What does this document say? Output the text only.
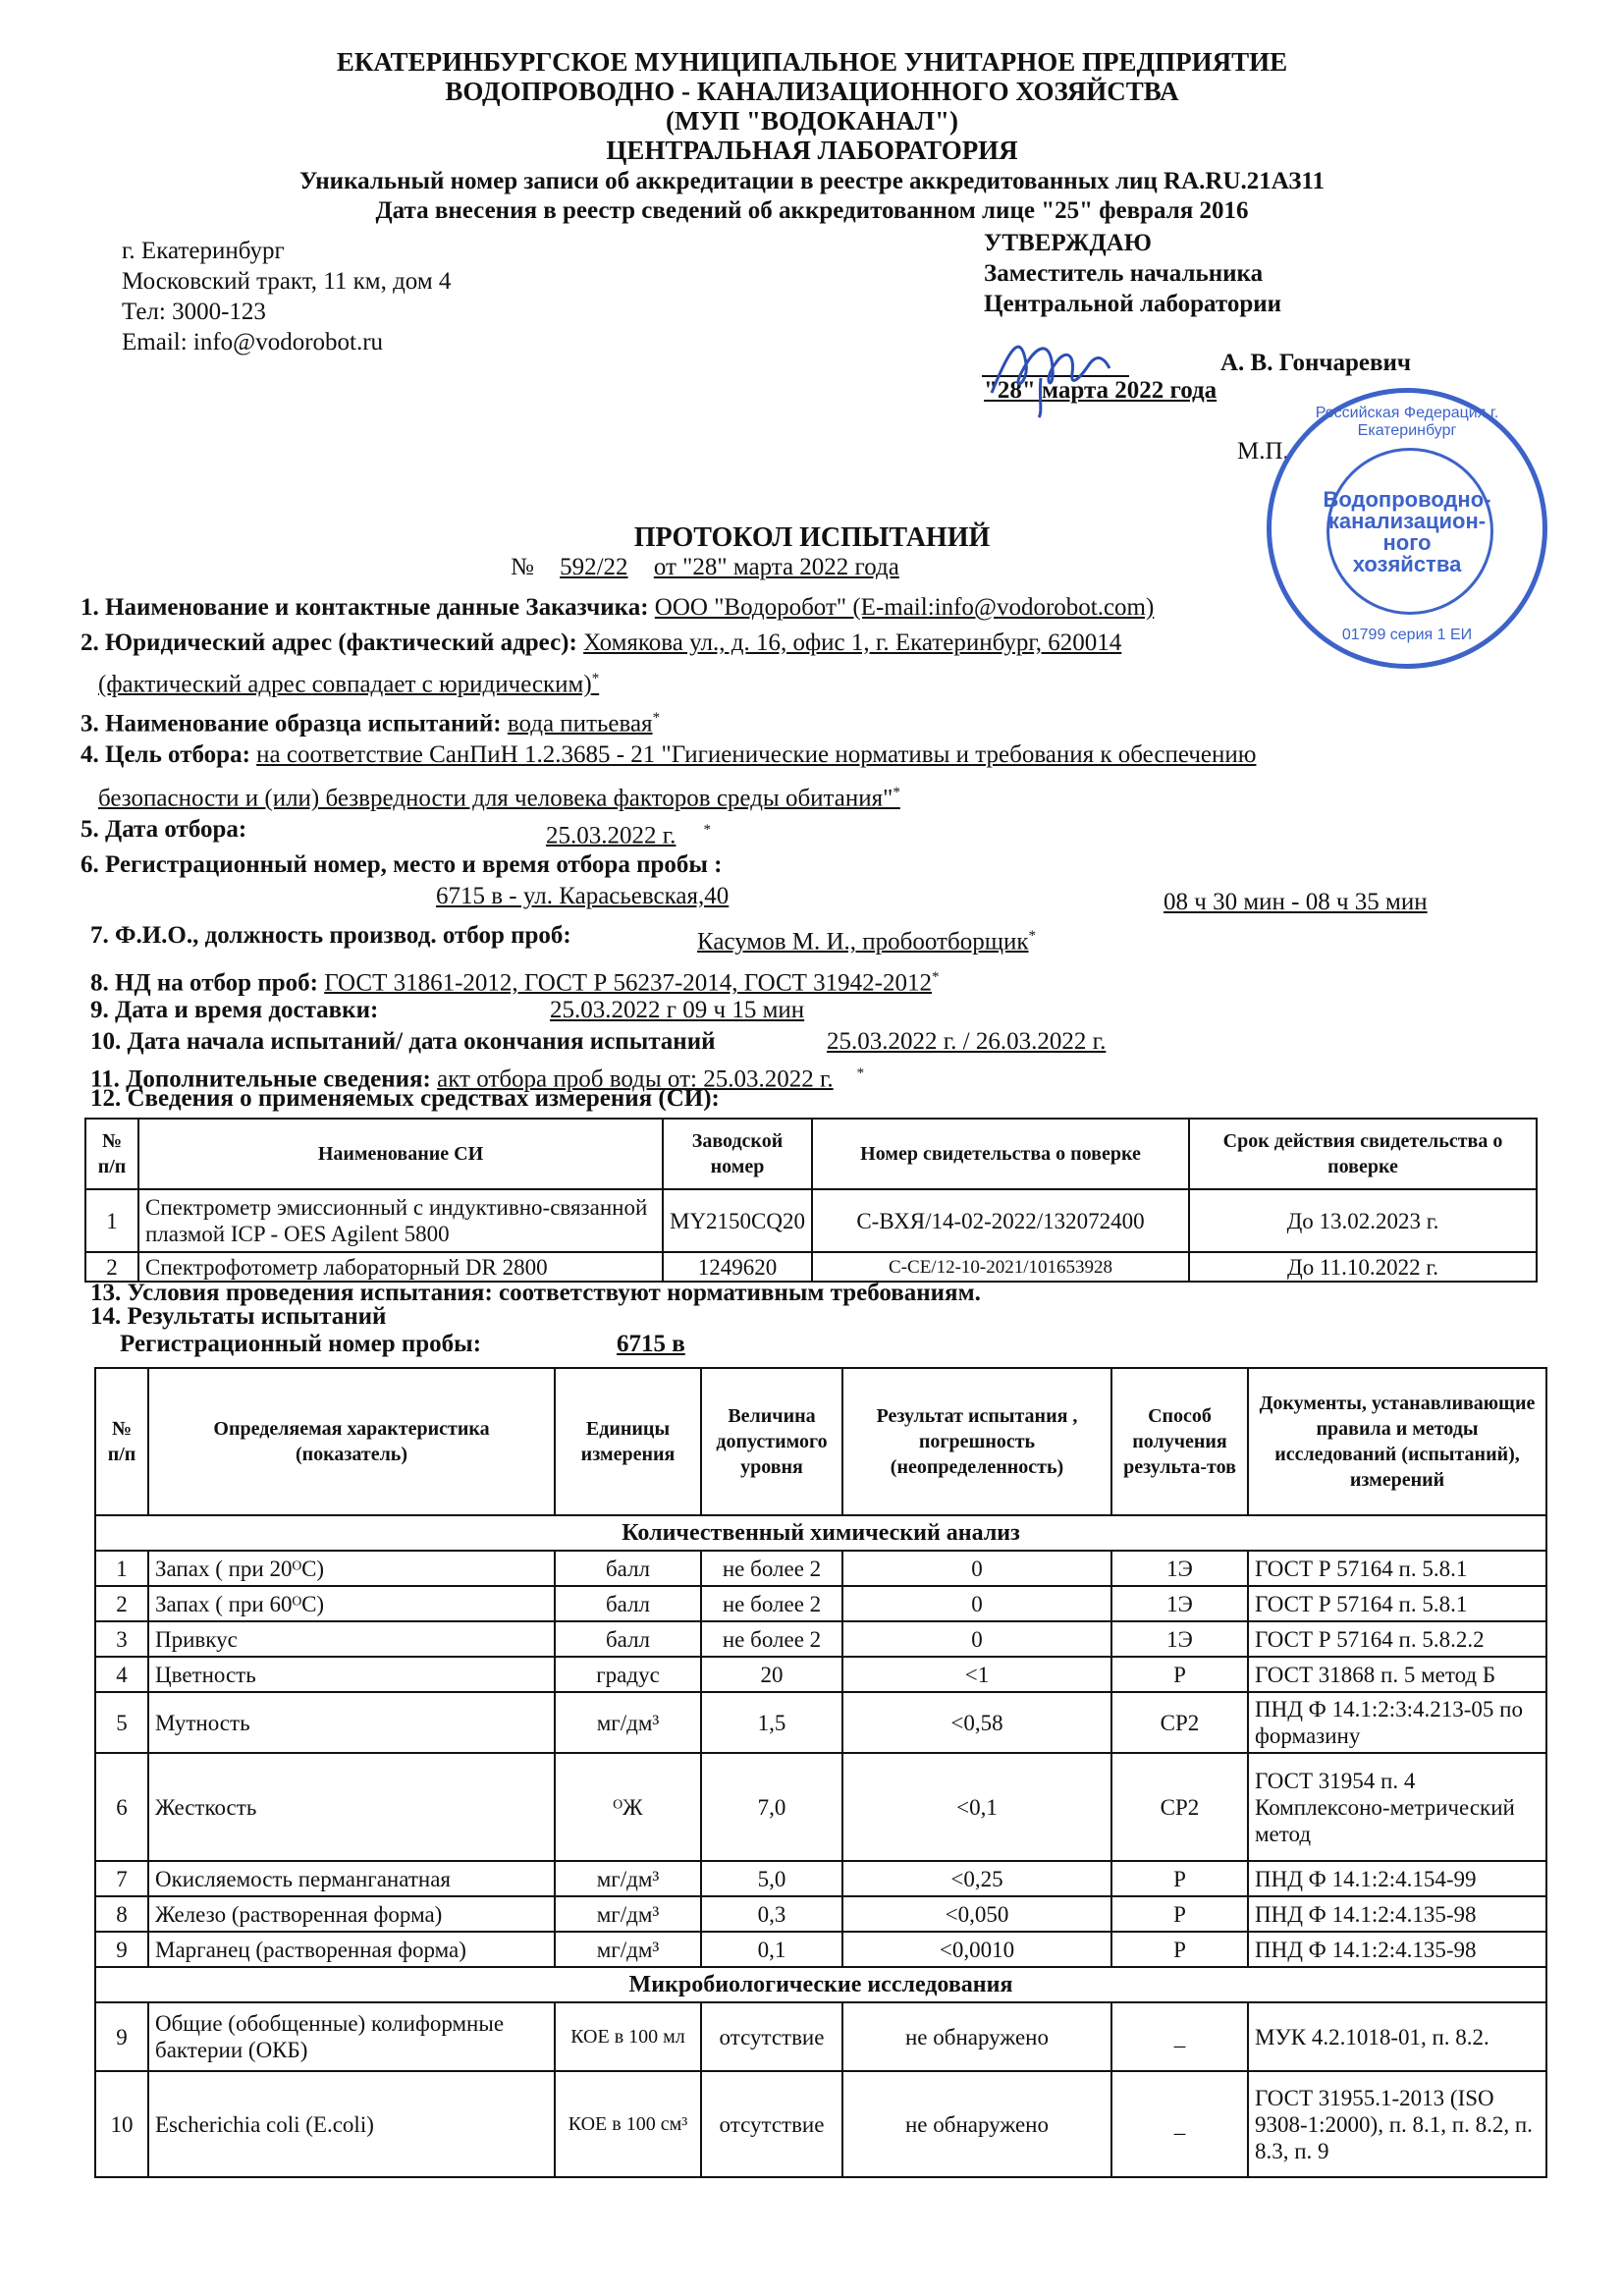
ЕКАТЕРИНБУРГСКОЕ МУНИЦИПАЛЬНОЕ УНИТАРНОЕ ПРЕДПРИЯТИЕ
ВОДОПРОВОДНО - КАНАЛИЗАЦИОННОГО ХОЗЯЙСТВА
(МУП "ВОДОКАНАЛ")
ЦЕНТРАЛЬНАЯ ЛАБОРАТОРИЯ
Уникальный номер записи об аккредитации в реестре аккредитованных лиц RA.RU.21АЗ11
Дата внесения в реестр сведений об аккредитованном лице "25" февраля 2016
г. Екатеринбург
Московский тракт, 11 км, дом 4
Тел: 3000-123
Email: info@vodorobot.ru
УТВЕРЖДАЮ
Заместитель начальника
Центральной лаборатории
А. В. Гончаревич
"28" марта 2022 года
М.П.
Российская Федерация г. Екатеринбург
Водопроводно-
канализацион-
ного
хозяйства
01799 серия 1 ЕИ
ПРОТОКОЛ ИСПЫТАНИЙ
№ 592/22 от "28" марта 2022 года
1. Наименование и контактные данные Заказчика: ООО "Водоробот" (E-mail:info@vodorobot.com)
2. Юридический адрес (фактический адрес): Хомякова ул., д. 16, офис 1, г. Екатеринбург, 620014
(фактический адрес совпадает с юридическим)*
3. Наименование образца испытаний: вода питьевая*
4. Цель отбора: на соответствие СанПиН 1.2.3685 - 21 "Гигиенические нормативы и требования к обеспечению
безопасности и (или) безвредности для человека факторов среды обитания"*
5. Дата отбора:	25.03.2022 г. *
6. Регистрационный номер, место и время отбора пробы :
6715 в - ул. Карасьевская,40	08 ч 30 мин - 08 ч 35 мин
7. Ф.И.О., должность производ. отбор проб:	Касумов М. И., пробоотборщик*
8. НД на отбор проб: ГОСТ 31861-2012, ГОСТ Р 56237-2014, ГОСТ 31942-2012*
9. Дата и время доставки:	25.03.2022 г 09 ч 15 мин
10. Дата начала испытаний/ дата окончания испытаний	25.03.2022 г. / 26.03.2022 г.
11. Дополнительные сведения: акт отбора проб воды от: 25.03.2022 г. *
12. Сведения о применяемых средствах измерения (СИ):
№ п/п	Наименование СИ	Заводской номер	Номер свидетельства о поверке	Срок действия свидетельства о поверке
1	Спектрометр эмиссионный с индуктивно-связанной плазмой ICP - OES Agilent 5800	MY2150CQ20	С-ВХЯ/14-02-2022/132072400	До 13.02.2023 г.
2	Спектрофотометр лабораторный DR 2800	1249620	С-СЕ/12-10-2021/101653928	До 11.10.2022 г.
13. Условия проведения испытания: соответствуют нормативным требованиям.
14. Результаты испытаний
Регистрационный номер пробы:	6715 в
№ п/п	Определяемая характеристика (показатель)	Единицы измерения	Величина допустимого уровня	Результат испытания , погрешность (неопределенность)	Способ получения результа-тов	Документы, устанавливающие правила и методы исследований (испытаний), измерений
Количественный химический анализ						
1	Запах ( при 20ᴼС)	балл	не более 2	0	1Э	ГОСТ Р 57164 п. 5.8.1
2	Запах ( при 60ᴼС)	балл	не более 2	0	1Э	ГОСТ Р 57164 п. 5.8.1
3	Привкус	балл	не более 2	0	1Э	ГОСТ Р 57164 п. 5.8.2.2
4	Цветность	градус	20	<1	Р	ГОСТ 31868 п. 5 метод Б
5	Мутность	мг/дм³	1,5	<0,58	СР2	ПНД Ф 14.1:2:3:4.213-05 по формазину
6	Жесткость	ᴼЖ	7,0	<0,1	СР2	ГОСТ 31954 п. 4 Комплексоно-метрический метод
7	Окисляемость перманганатная	мг/дм³	5,0	<0,25	Р	ПНД Ф 14.1:2:4.154-99
8	Железо (растворенная форма)	мг/дм³	0,3	<0,050	Р	ПНД Ф 14.1:2:4.135-98
9	Марганец (растворенная форма)	мг/дм³	0,1	<0,0010	Р	ПНД Ф 14.1:2:4.135-98
Микробиологические исследования						
9	Общие (обобщенные) колиформные бактерии (ОКБ)	КОЕ в 100 мл	отсутствие	не обнаружено	_	МУК 4.2.1018-01, п. 8.2.
10	Escherichia coli (E.coli)	КОЕ в 100 см³	отсутствие	не обнаружено	_	ГОСТ 31955.1-2013 (ISO 9308-1:2000), п. 8.1, п. 8.2, п. 8.3, п. 9
